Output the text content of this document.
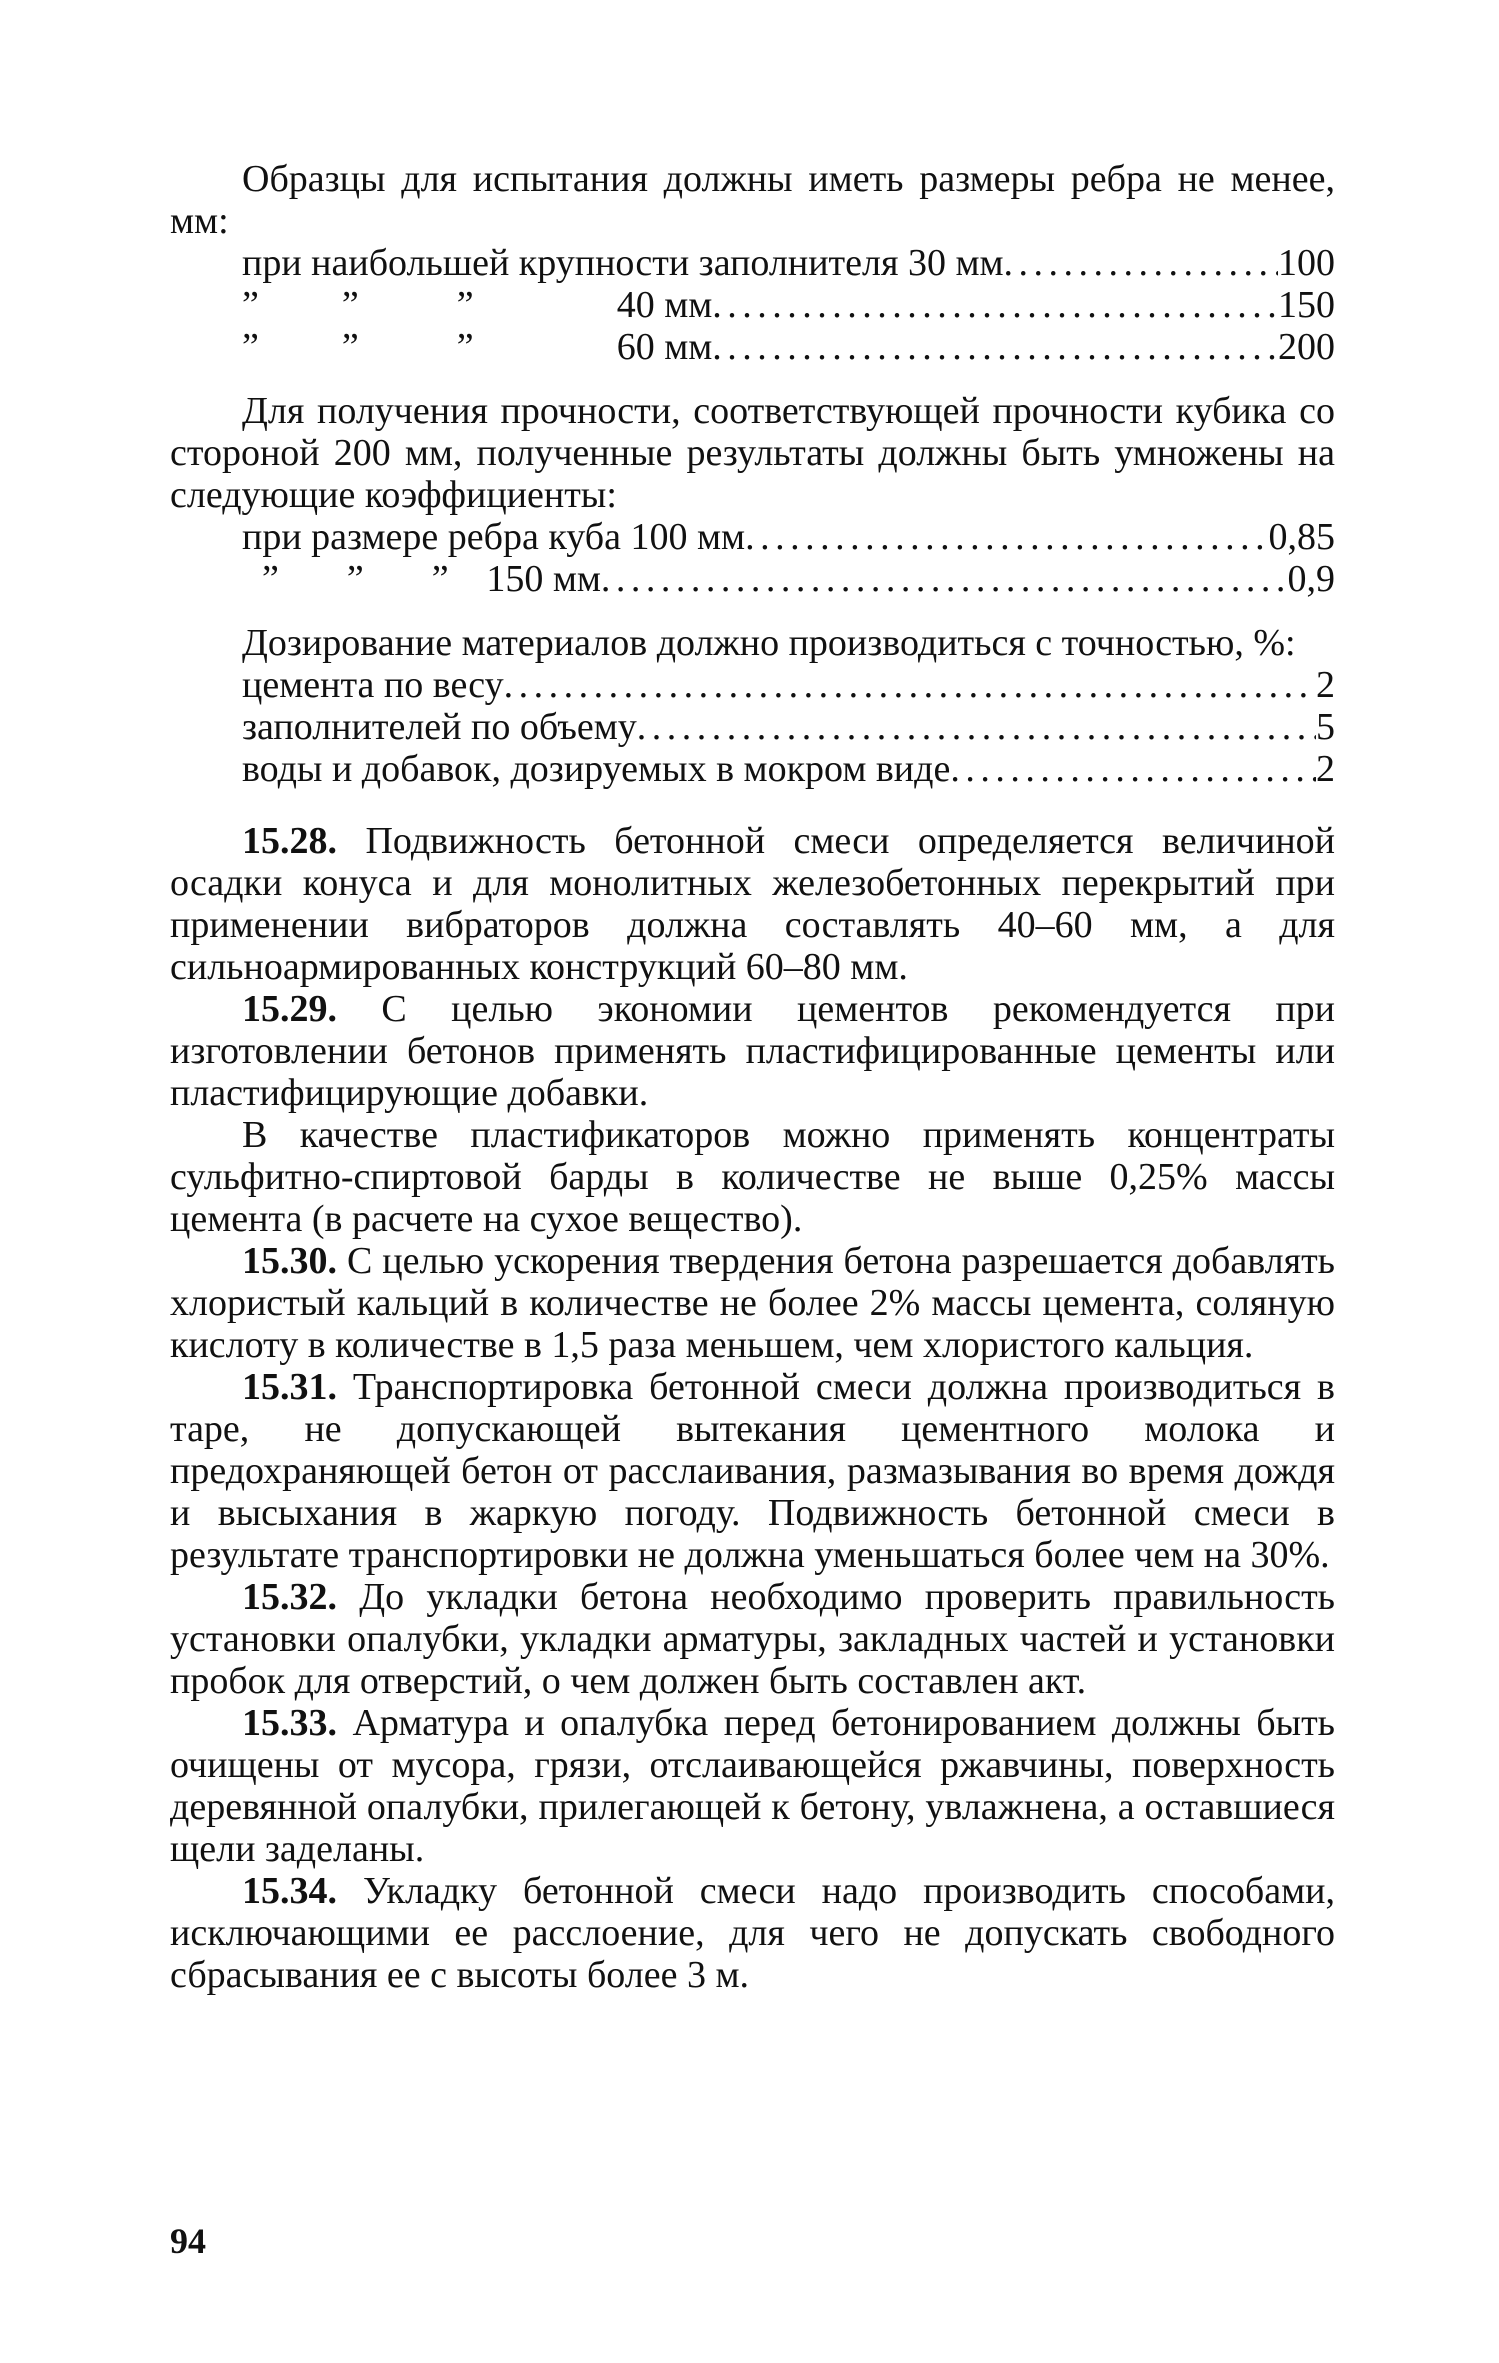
Образцы для испытания должны иметь размеры ребра не менее, мм:

при наибольшей крупности заполнителя 30 мм . . .	100
”	”	”	40 мм . . .	150
”	”	”	60 мм . . .	200

Для получения прочности, соответствующей прочности кубика со стороной 200 мм, полученные результаты должны быть умножены на следующие коэффициенты:

при размере ребра куба 100 мм . . .	0,85
”	”	” 150 мм . . .	0,9

Дозирование материалов должно производиться с точностью, %:

цемента по весу . . .	2
заполнителей по объему . . .	5
воды и добавок, дозируемых в мокром виде . . .	2

15.28. Подвижность бетонной смеси определяется величиной осадки конуса и для монолитных железобетонных перекрытий при применении вибраторов должна составлять 40–60 мм, а для сильноармированных конструкций 60–80 мм.

15.29. С целью экономии цементов рекомендуется при изготовлении бетонов применять пластифицированные цементы или пластифицирующие добавки.

В качестве пластификаторов можно применять концентраты сульфитно-спиртовой барды в количестве не выше 0,25% массы цемента (в расчете на сухое вещество).

15.30. С целью ускорения твердения бетона разрешается добавлять хлористый кальций в количестве не более 2% массы цемента, соляную кислоту в количестве в 1,5 раза меньшем, чем хлористого кальция.

15.31. Транспортировка бетонной смеси должна производиться в таре, не допускающей вытекания цементного молока и предохраняющей бетон от расслаивания, размазывания во время дождя и высыхания в жаркую погоду. Подвижность бетонной смеси в результате транспортировки не должна уменьшаться более чем на 30%.

15.32. До укладки бетона необходимо проверить правильность установки опалубки, укладки арматуры, закладных частей и установки пробок для отверстий, о чем должен быть составлен акт.

15.33. Арматура и опалубка перед бетонированием должны быть очищены от мусора, грязи, отслаивающейся ржавчины, поверхность деревянной опалубки, прилегающей к бетону, увлажнена, а оставшиеся щели заделаны.

15.34. Укладку бетонной смеси надо производить способами, исключающими ее расслоение, для чего не допускать свободного сбрасывания ее с высоты более 3 м.

94
